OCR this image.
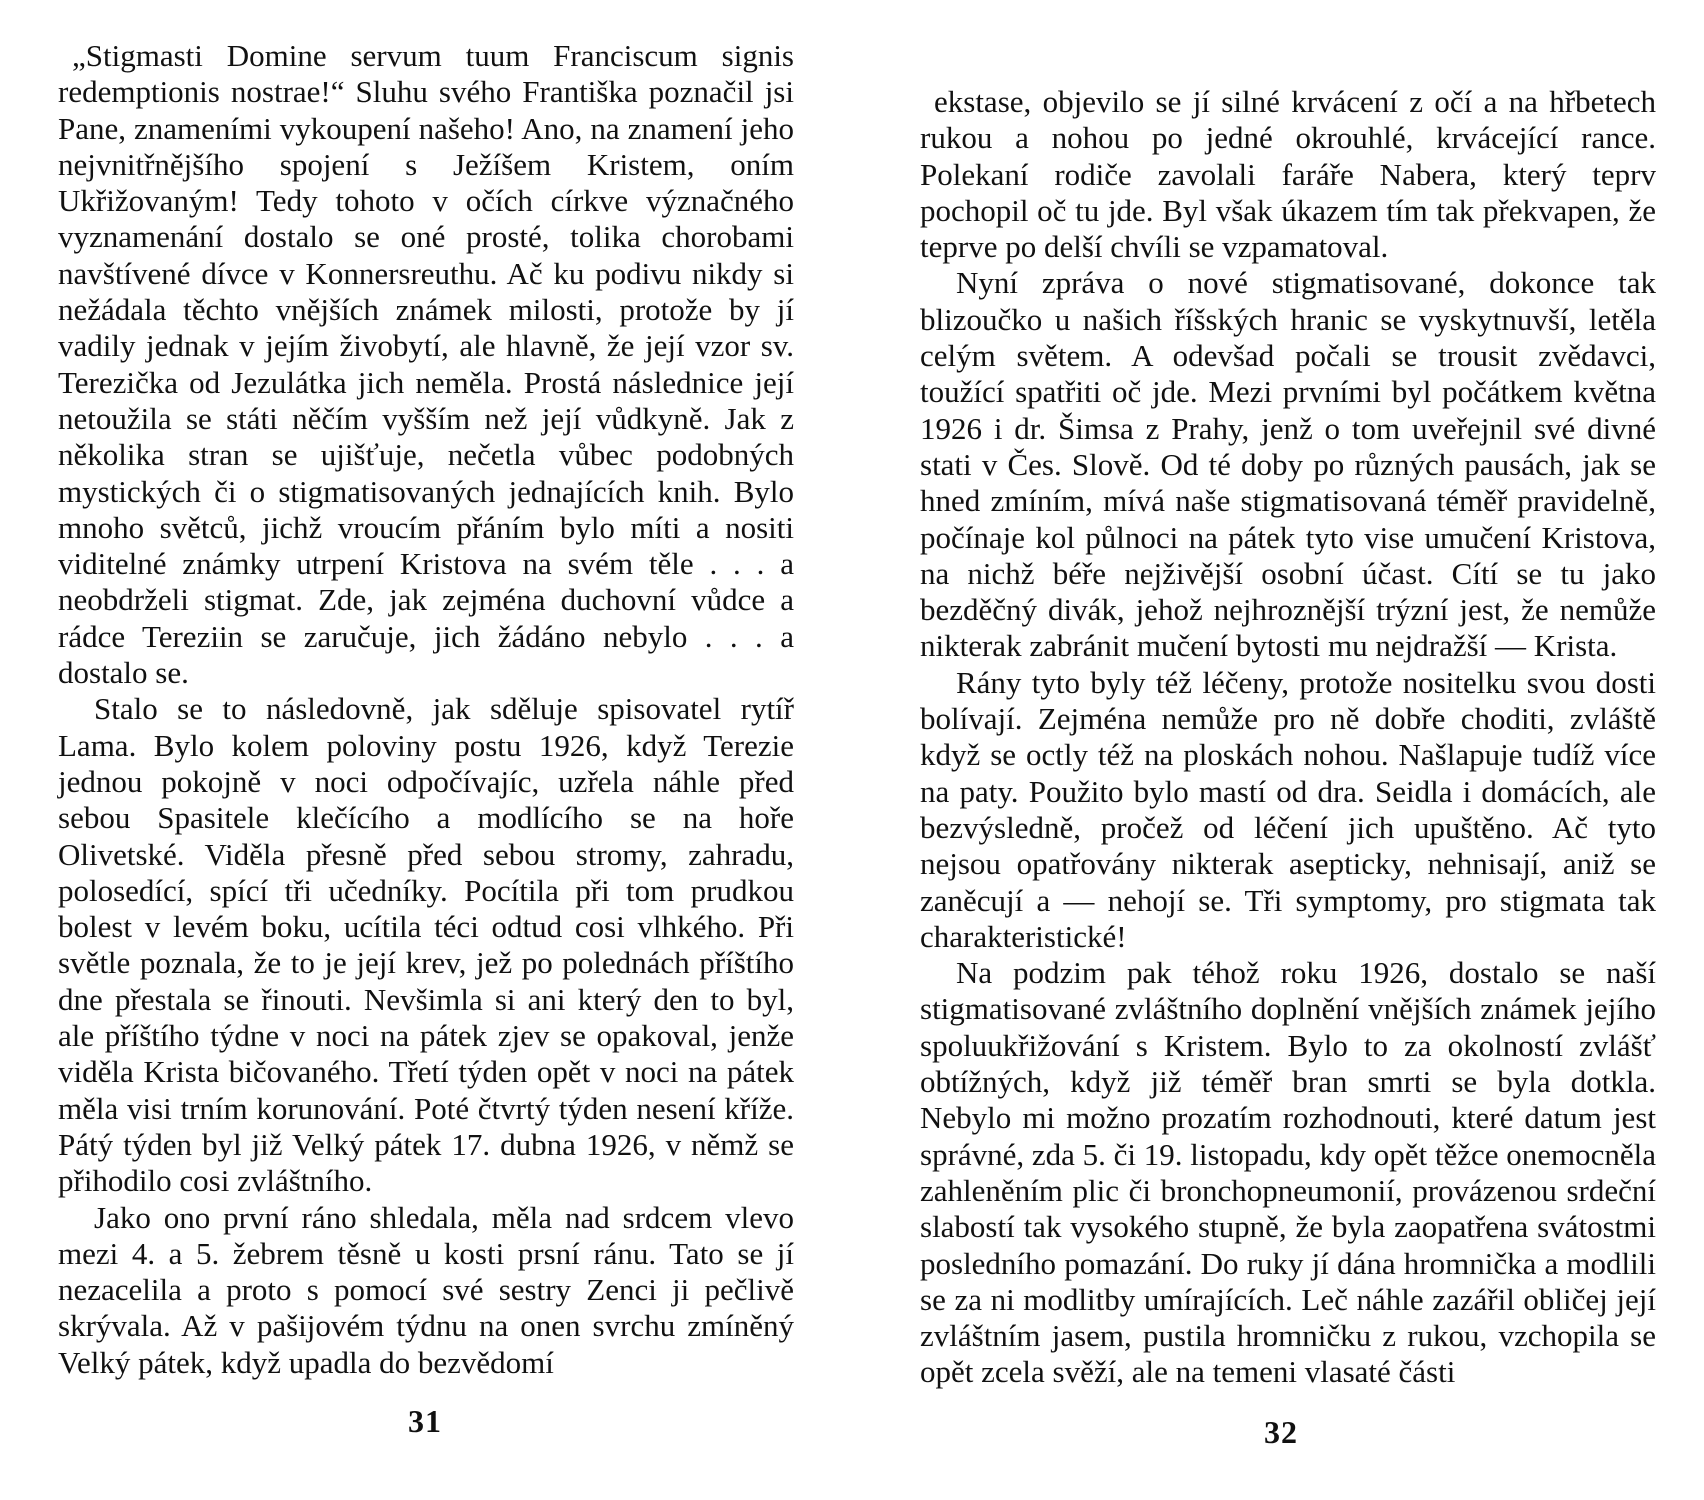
„Stigmasti Domine servum tuum Franciscum signis redemptionis nostrae!“ Sluhu svého Františka poznačil jsi Pane, znameními vykoupení našeho! Ano, na znamení jeho nejvnitřnějšího spojení s Ježíšem Kristem, oním Ukřižovaným! Tedy tohoto v očích církve význačného vyznamenání dostalo se oné prosté, tolika chorobami navštívené dívce v Konnersreuthu. Ač ku podivu nikdy si nežádala těchto vnějších známek milosti, protože by jí vadily jednak v jejím živobytí, ale hlavně, že její vzor sv. Terezička od Jezulátka jich neměla. Prostá následnice její netoužila se státi něčím vyšším než její vůdkyně. Jak z několika stran se ujišťuje, nečetla vůbec podobných mystických či o stigmatisovaných jednajících knih. Bylo mnoho světců, jichž vroucím přáním bylo míti a nositi viditelné známky utrpení Kristova na svém těle . . . a neobdrželi stigmat. Zde, jak zejména duchovní vůdce a rádce Tereziin se zaručuje, jich žádáno nebylo . . . a dostalo se.

Stalo se to následovně, jak sděluje spisovatel rytíř Lama. Bylo kolem poloviny postu 1926, když Terezie jednou pokojně v noci odpočívajíc, uzřela náhle před sebou Spasitele klečícího a modlícího se na hoře Olivetské. Viděla přesně před sebou stromy, zahradu, polosedící, spící tři učedníky. Pocítila při tom prudkou bolest v levém boku, ucítila téci odtud cosi vlhkého. Při světle poznala, že to je její krev, jež po polednách příštího dne přestala se řinouti. Nevšimla si ani který den to byl, ale příštího týdne v noci na pátek zjev se opakoval, jenže viděla Krista bičovaného. Třetí týden opět v noci na pátek měla visi trním korunování. Poté čtvrtý týden nesení kříže. Pátý týden byl již Velký pátek 17. dubna 1926, v němž se přihodilo cosi zvláštního.

Jako ono první ráno shledala, měla nad srdcem vlevo mezi 4. a 5. žebrem těsně u kosti prsní ránu. Tato se jí nezacelila a proto s pomocí své sestry Zenci ji pečlivě skrývala. Až v pašijovém týdnu na onen svrchu zmíněný Velký pátek, když upadla do bezvědomí

31

ekstase, objevilo se jí silné krvácení z očí a na hřbetech rukou a nohou po jedné okrouhlé, krvácející rance. Polekaní rodiče zavolali faráře Nabera, který teprv pochopil oč tu jde. Byl však úkazem tím tak překvapen, že teprve po delší chvíli se vzpamatoval.

Nyní zpráva o nové stigmatisované, dokonce tak blizoučko u našich říšských hranic se vyskytnuvší, letěla celým světem. A odevšad počali se trousit zvědavci, toužící spatřiti oč jde. Mezi prvními byl počátkem května 1926 i dr. Šimsa z Prahy, jenž o tom uveřejnil své divné stati v Čes. Slově. Od té doby po různých pausách, jak se hned zmíním, mívá naše stigmatisovaná téměř pravidelně, počínaje kol půlnoci na pátek tyto vise umučení Kristova, na nichž béře nejživější osobní účast. Cítí se tu jako bezděčný divák, jehož nejhroznější trýzní jest, že nemůže nikterak zabránit mučení bytosti mu nejdražší — Krista.

Rány tyto byly též léčeny, protože nositelku svou dosti bolívají. Zejména nemůže pro ně dobře choditi, zvláště když se octly též na ploskách nohou. Našlapuje tudíž více na paty. Použito bylo mastí od dra. Seidla i domácích, ale bezvýsledně, pročež od léčení jich upuštěno. Ač tyto nejsou opatřovány nikterak asepticky, nehnisají, aniž se zaněcují a — nehojí se. Tři symptomy, pro stigmata tak charakteristické!

Na podzim pak téhož roku 1926, dostalo se naší stigmatisované zvláštního doplnění vnějších známek jejího spoluukřižování s Kristem. Bylo to za okolností zvlášť obtížných, když již téměř bran smrti se byla dotkla. Nebylo mi možno prozatím rozhodnouti, které datum jest správné, zda 5. či 19. listopadu, kdy opět těžce onemocněla zahleněním plic či bronchopneumonií, provázenou srdeční slabostí tak vysokého stupně, že byla zaopatřena svátostmi posledního pomazání. Do ruky jí dána hromnička a modlili se za ni modlitby umírajících. Leč náhle zazářil obličej její zvláštním jasem, pustila hromničku z rukou, vzchopila se opět zcela svěží, ale na temeni vlasaté části

32
